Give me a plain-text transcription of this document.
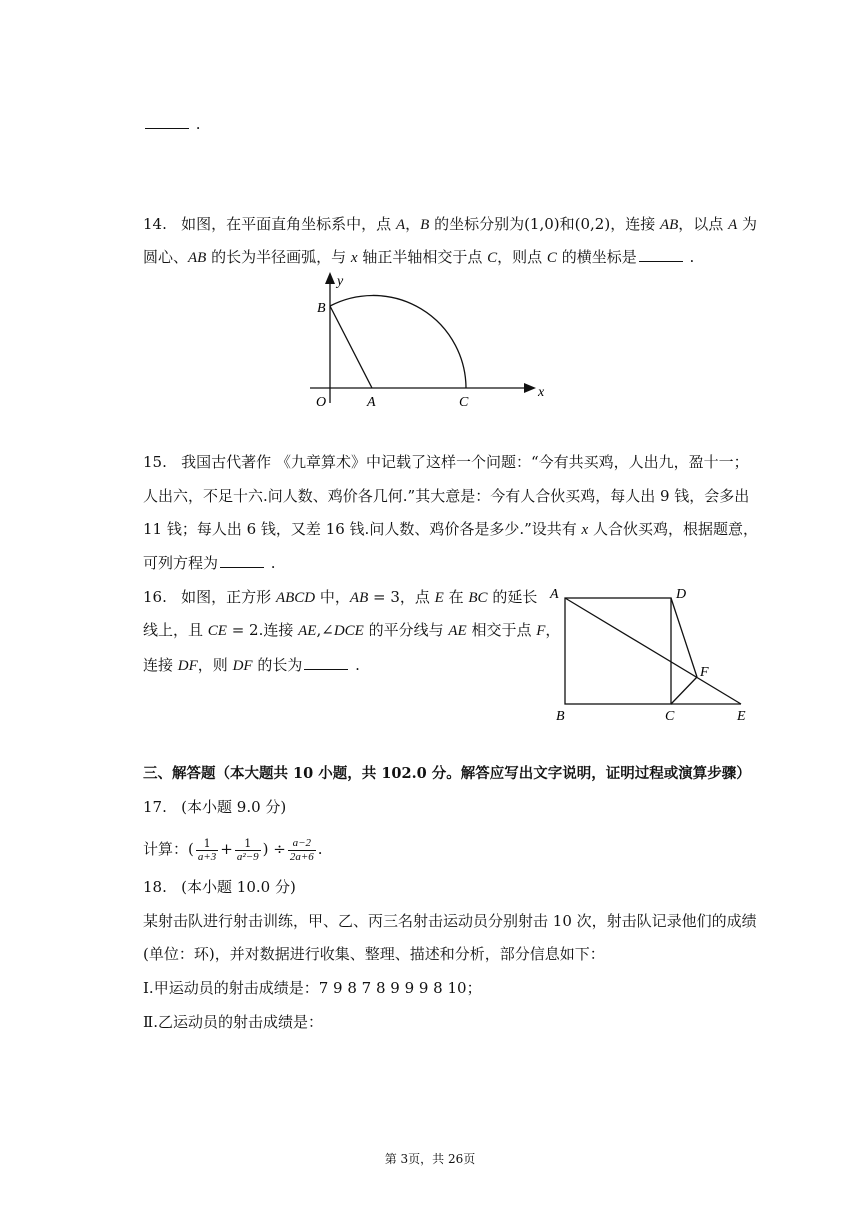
.
14. 如图，在平面直角坐标系中，点 A，B 的坐标分别为(1,0)和(0,2)，连接 AB，以点 A 为
圆心、AB 的长为半径画弧，与 x 轴正半轴相交于点 C，则点 C 的横坐标是	.
y
x
B
O	A	C
15. 我国古代著作 《九章算术》中记载了这样一个问题：“今有共买鸡，人出九，盈十一；
人出六，不足十六.问人数、鸡价各几何.”其大意是：今有人合伙买鸡，每人出 9 钱，会多出
11 钱；每人出 6 钱，又差 16 钱.问人数、鸡价各是多少.”设共有 x 人合伙买鸡，根据题意，
可列方程为	.
16. 如图，正方形 ABCD 中，AB = 3，点 E 在 BC 的延长
线上，且 CE = 2.连接 AE,∠DCE 的平分线与 AE 相交于点 F，
连接 DF，则 DF 的长为	.
A	D
F
B	C	E
三、解答题（本大题共 10 小题，共 102.0 分。解答应写出文字说明，证明过程或演算步骤）
17. (本小题 9.0 分)
计算：( $\frac{1}{a+3} + \frac{1}{\text{a²−9}}$ ) ÷ $\frac{a-2}{2a+6}$ .
18. (本小题 10.0 分)
某射击队进行射击训练，甲、乙、丙三名射击运动员分别射击 10 次，射击队记录他们的成绩
(单位：环)，并对数据进行收集、整理、描述和分析，部分信息如下：
Ⅰ.甲运动员的射击成绩是：7 9 8 7 8 9 9 9 8 10；
Ⅱ.乙运动员的射击成绩是：
第 3页，共 26页
